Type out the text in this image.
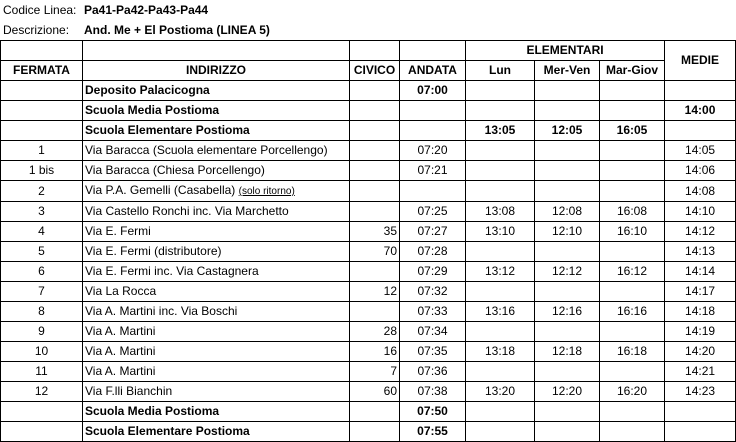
Codice Linea: Pa41-Pa42-Pa43-Pa44
Descrizione: And. Me + El Postioma (LINEA 5)
				ELEMENTARI			MEDIE
FERMATA	INDIRIZZO	CIVICO	ANDATA	Lun	Mer-Ven	Mar-Giov	
	Deposito Palacicogna		07:00				
	Scuola Media Postioma						14:00
	Scuola Elementare Postioma			13:05	12:05	16:05	
1	Via Baracca (Scuola elementare Porcellengo)		07:20				14:05
1 bis	Via Baracca (Chiesa Porcellengo)		07:21				14:06
2	Via P.A. Gemelli (Casabella) (solo ritorno)						14:08
3	Via Castello Ronchi inc. Via Marchetto		07:25	13:08	12:08	16:08	14:10
4	Via E. Fermi	35	07:27	13:10	12:10	16:10	14:12
5	Via E. Fermi (distributore)	70	07:28				14:13
6	Via E. Fermi inc. Via Castagnera		07:29	13:12	12:12	16:12	14:14
7	Via La Rocca	12	07:32				14:17
8	Via A. Martini inc. Via Boschi		07:33	13:16	12:16	16:16	14:18
9	Via A. Martini	28	07:34				14:19
10	Via A. Martini	16	07:35	13:18	12:18	16:18	14:20
11	Via A. Martini	7	07:36				14:21
12	Via F.lli Bianchin	60	07:38	13:20	12:20	16:20	14:23
	Scuola Media Postioma		07:50				
	Scuola Elementare Postioma		07:55				
